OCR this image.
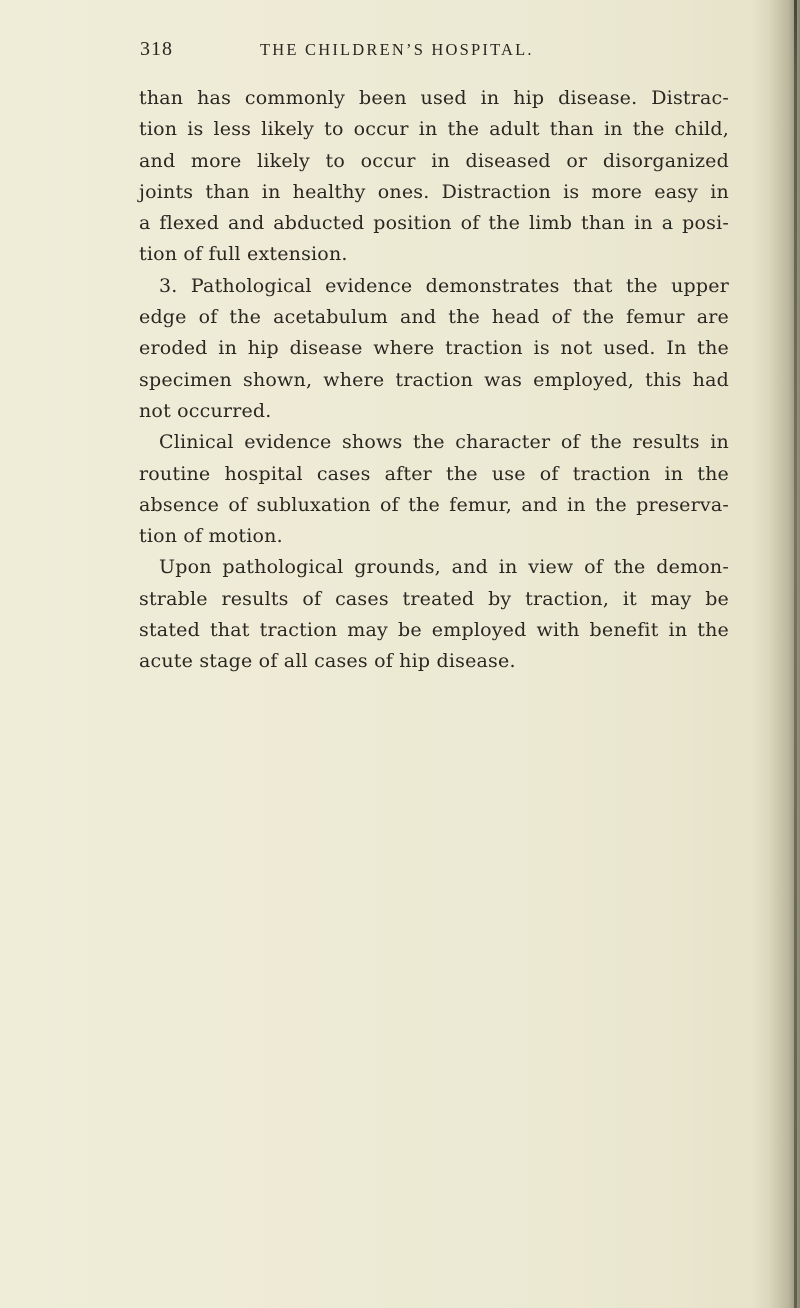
318	THE CHILDREN’S HOSPITAL.
than has commonly been used in hip disease. Distrac-
tion is less likely to occur in the adult than in the child,
and more likely to occur in diseased or disorganized
joints than in healthy ones. Distraction is more easy in
a flexed and abducted position of the limb than in a posi-
tion of full extension.
3. Pathological evidence demonstrates that the upper
edge of the acetabulum and the head of the femur are
eroded in hip disease where traction is not used. In the
specimen shown, where traction was employed, this had
not occurred.
Clinical evidence shows the character of the results in
routine hospital cases after the use of traction in the
absence of subluxation of the femur, and in the preserva-
tion of motion.
Upon pathological grounds, and in view of the demon-
strable results of cases treated by traction, it may be
stated that traction may be employed with benefit in the
acute stage of all cases of hip disease.
